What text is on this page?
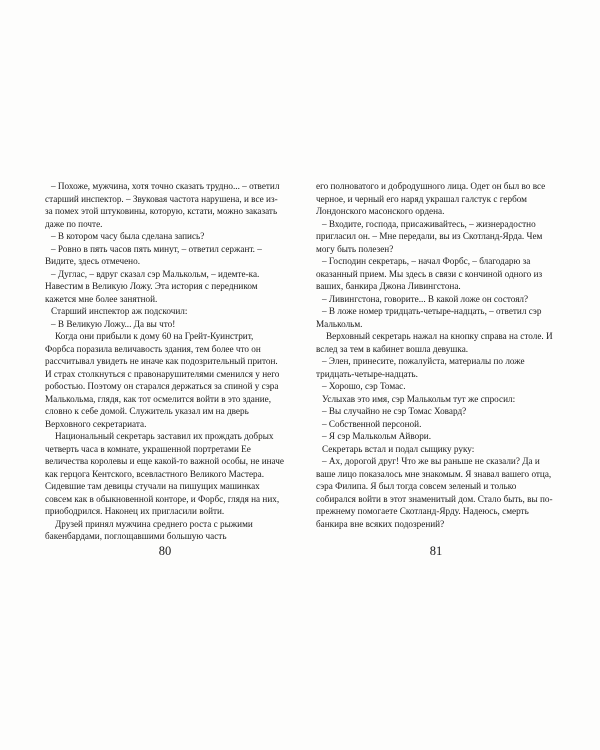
– Похоже, мужчина, хотя точно сказать трудно... – ответил старший инспектор. – Звуковая частота нарушена, и все из-за помех этой штуковины, которую, кстати, можно заказать даже по почте.

– В котором часу была сделана запись?

– Ровно в пять часов пять минут, – ответил сержант. – Видите, здесь отмечено.

– Дуглас, – вдруг сказал сэр Малькольм, – идемте-ка. Навестим в Великую Ложу. Эта история с передником кажется мне более занятной.

Старший инспектор аж подскочил:

– В Великую Ложу... Да вы что!

Когда они прибыли к дому 60 на Грейт-Куинстрит, Форбса поразила величавость здания, тем более что он рассчитывал увидеть не иначе как подозрительный притон. И страх столкнуться с правонарушителями сменился у него робостью. Поэтому он старался держаться за спиной у сэра Малькольма, глядя, как тот осмелится войти в это здание, словно к себе домой. Служитель указал им на дверь Верховного секретариата.

Национальный секретарь заставил их прождать добрых четверть часа в комнате, украшенной портретами Ее величества королевы и еще какой-то важной особы, не иначе как герцога Кентского, всевластного Великого Мастера. Сидевшие там девицы стучали на пишущих машинках совсем как в обыкновенной конторе, и Форбс, глядя на них, приободрился. Наконец их пригласили войти.

Друзей принял мужчина среднего роста с рыжими бакенбардами, поглощавшими большую часть

80

его полноватого и добродушного лица. Одет он был во все черное, и черный его наряд украшал галстук с гербом Лондонского масонского ордена.

– Входите, господа, присаживайтесь, – жизнерадостно пригласил он. – Мне передали, вы из Скотланд-Ярда. Чем могу быть полезен?

– Господин секретарь, – начал Форбс, – благодарю за оказанный прием. Мы здесь в связи с кончиной одного из ваших, банкира Джона Ливингстона.

– Ливингстона, говорите... В какой ложе он состоял?

– В ложе номер тридцать-четыре-надцать, – ответил сэр Малькольм.

Верховный секретарь нажал на кнопку справа на столе. И вслед за тем в кабинет вошла девушка.

– Элен, принесите, пожалуйста, материалы по ложе тридцать-четыре-надцать.

– Хорошо, сэр Томас.

Услыхав это имя, сэр Малькольм тут же спросил:

– Вы случайно не сэр Томас Ховард?

– Собственной персоной.

– Я сэр Малькольм Айвори.

Секретарь встал и подал сыщику руку:

– Ах, дорогой друг! Что же вы раньше не сказали? Да и ваше лицо показалось мне знакомым. Я знавал вашего отца, сэра Филипа. Я был тогда совсем зеленый и только собирался войти в этот знаменитый дом. Стало быть, вы по-прежнему помогаете Скотланд-Ярду. Надеюсь, смерть банкира вне всяких подозрений?

81
